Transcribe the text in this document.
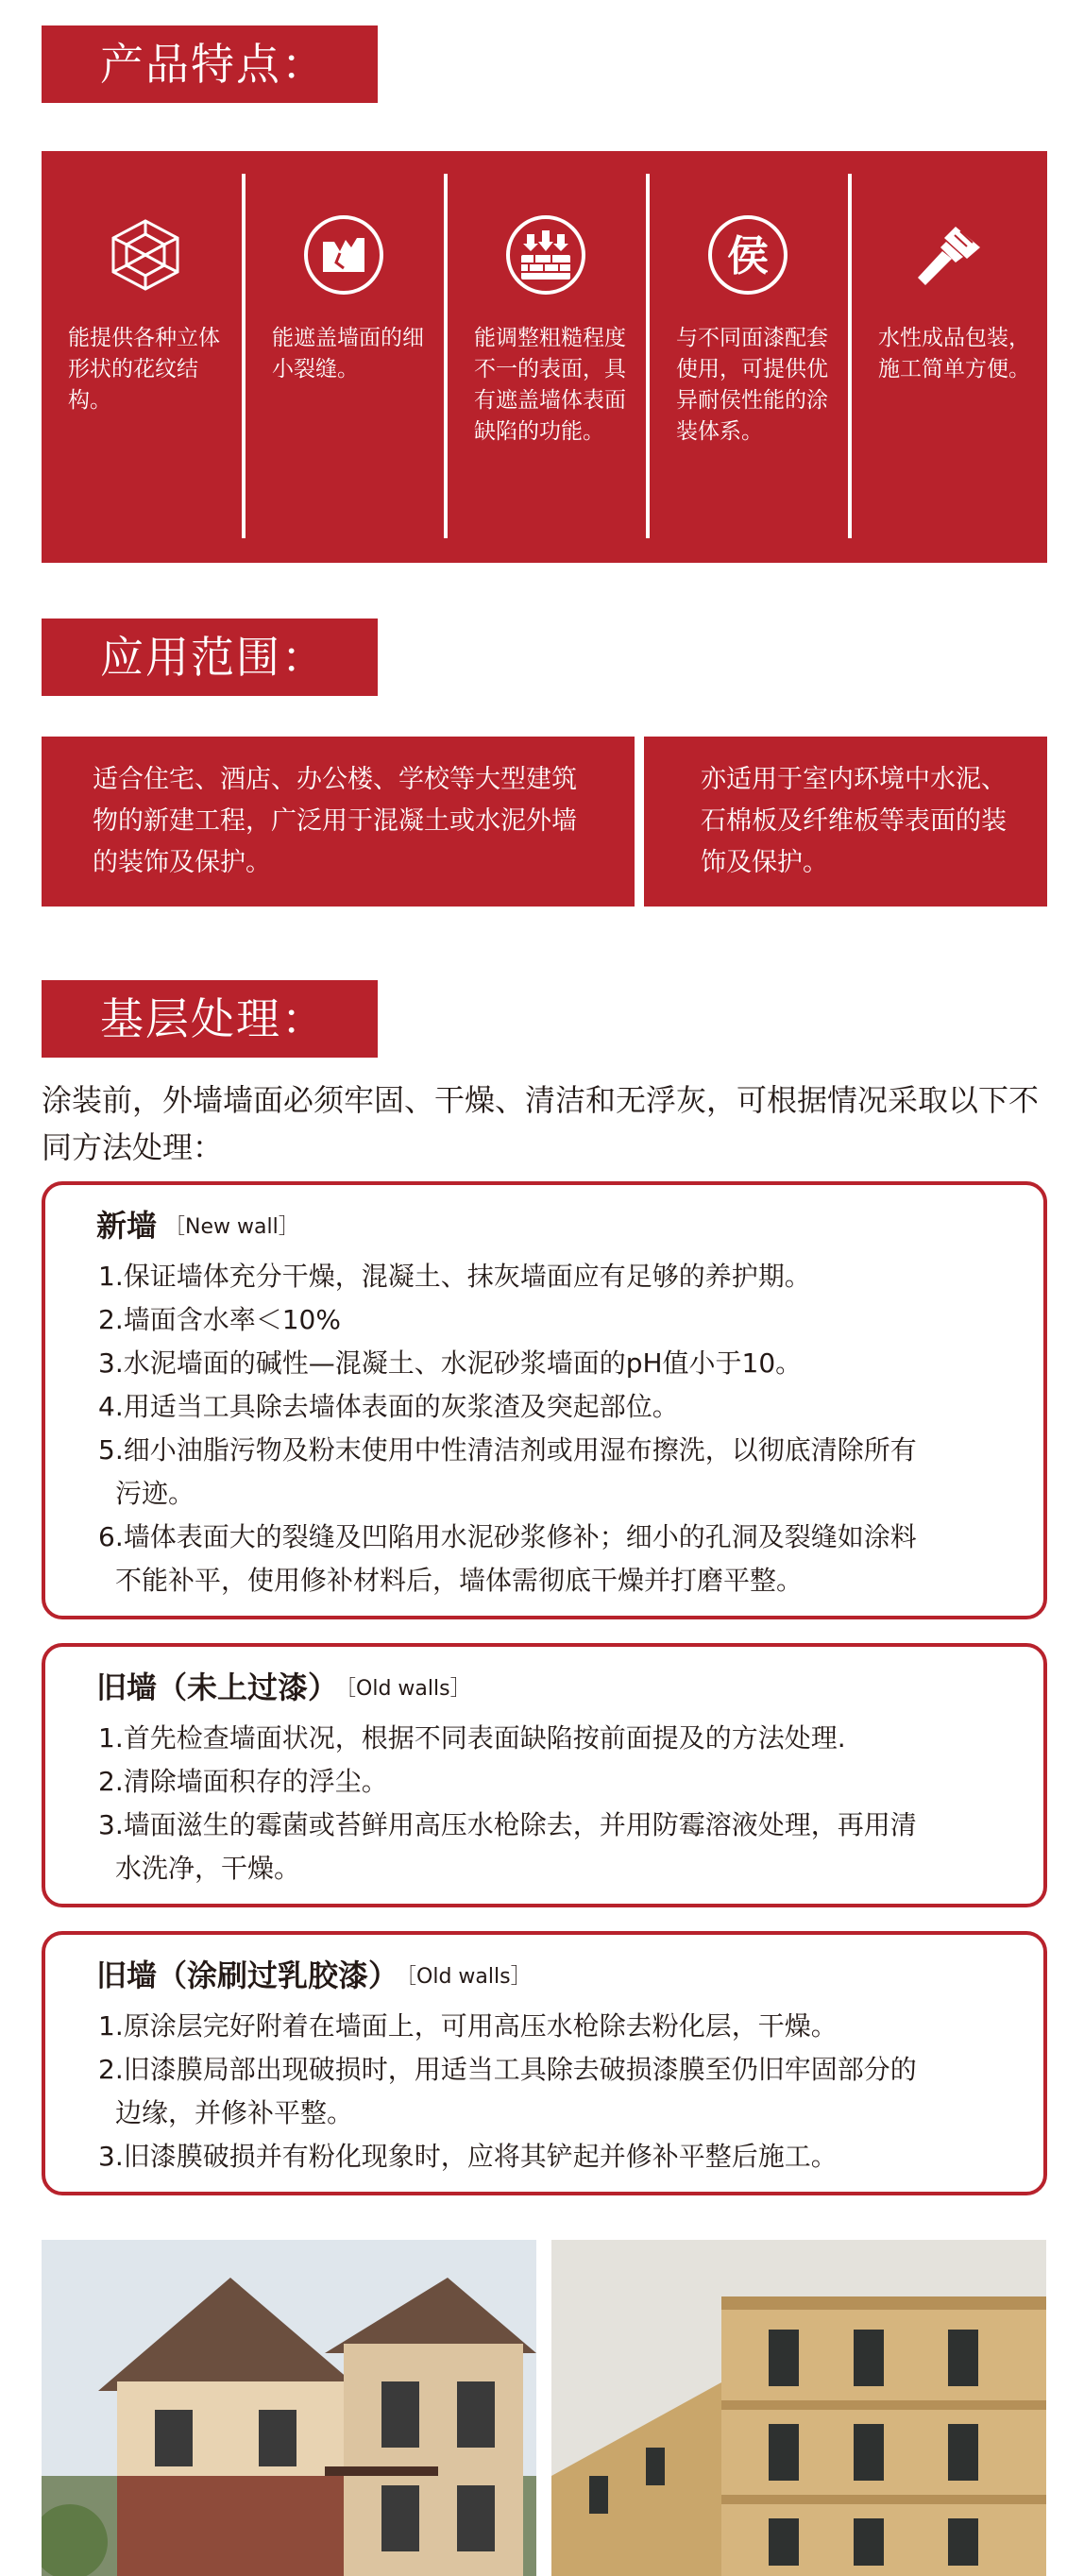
产品特点：
能提供各种立体形状的花纹结构。
能遮盖墙面的细小裂缝。
能调整粗糙程度不一的表面，具有遮盖墙体表面缺陷的功能。
侯
与不同面漆配套使用，可提供优异耐侯性能的涂装体系。
水性成品包装，施工简单方便。
应用范围：
适合住宅、酒店、办公楼、学校等大型建筑物的新建工程，广泛用于混凝土或水泥外墙的装饰及保护。
亦适用于室内环境中水泥、石棉板及纤维板等表面的装饰及保护。
基层处理：
涂装前，外墙墙面必须牢固、干燥、清洁和无浮灰，可根据情况采取以下不同方法处理：
新墙 ［New wall］
1.保证墙体充分干燥，混凝土、抹灰墙面应有足够的养护期。
2.墙面含水率＜10%
3.水泥墙面的碱性—混凝土、水泥砂浆墙面的pH值小于10。
4.用适当工具除去墙体表面的灰浆渣及突起部位。
5.细小油脂污物及粉末使用中性清洁剂或用湿布擦洗，以彻底清除所有
污迹。
6.墙体表面大的裂缝及凹陷用水泥砂浆修补；细小的孔洞及裂缝如涂料
不能补平，使用修补材料后，墙体需彻底干燥并打磨平整。
旧墙（未上过漆） ［Old walls］
1.首先检查墙面状况，根据不同表面缺陷按前面提及的方法处理.
2.清除墙面积存的浮尘。
3.墙面滋生的霉菌或苔鲜用高压水枪除去，并用防霉溶液处理，再用清
水洗净，干燥。
旧墙（涂刷过乳胶漆） ［Old walls］
1.原涂层完好附着在墙面上，可用高压水枪除去粉化层，干燥。
2.旧漆膜局部出现破损时，用适当工具除去破损漆膜至仍旧牢固部分的
边缘，并修补平整。
3.旧漆膜破损并有粉化现象时，应将其铲起并修补平整后施工。
